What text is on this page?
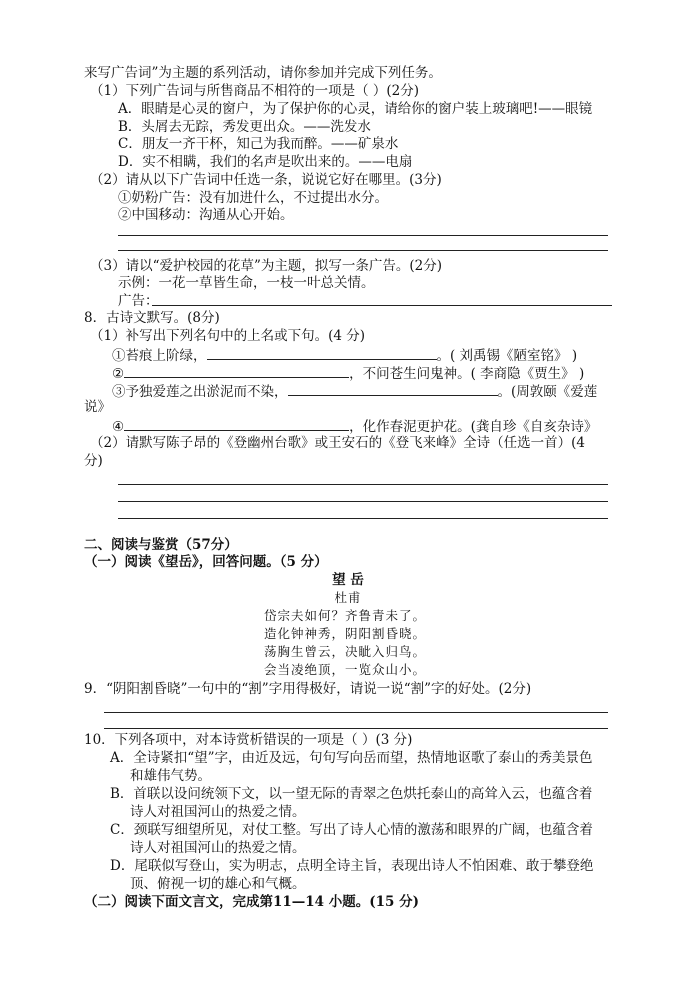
来写广告词”为主题的系列活动，请你参加并完成下列任务。
（1）下列广告词与所售商品不相符的一项是（ ）(2分)
A．眼睛是心灵的窗户，为了保护你的心灵，请给你的窗户装上玻璃吧!——眼镜
B．头屑去无踪，秀发更出众。——洗发水
C．朋友一齐干杯，知己为我而醉。——矿泉水
D．实不相瞒，我们的名声是吹出来的。——电扇
（2）请从以下广告词中任选一条，说说它好在哪里。(3分)
①奶粉广告：没有加进什么，不过提出水分。
②中国移动：沟通从心开始。
（3）请以“爱护校园的花草”为主题，拟写一条广告。(2分)
示例：一花一草皆生命，一枝一叶总关情。
广告：
8．古诗文默写。(8分)
（1）补写出下列名句中的上名或下句。(4 分)
①苔痕上阶绿，	。( 刘禹锡《陋室铭》 )
②	，不问苍生问鬼神。( 李商隐《贾生》 )
③予独爱莲之出淤泥而不染，	。(周敦颐《爱莲
说》
④	，化作春泥更护花。(龚自珍《自亥杂诗》
（2）请默写陈子昂的《登幽州台歌》或王安石的《登飞来峰》全诗（任选一首）(4
分)
二、阅读与鉴赏（57分）
（一）阅读《望岳》，回答问题。（5 分）
望 岳
杜甫
岱宗夫如何？齐鲁青未了。
造化钟神秀，阴阳割昏晓。
荡胸生曾云，决眦入归鸟。
会当凌绝顶，一览众山小。
9．“阴阳割昏晓”一句中的“割”字用得极好，请说一说“割”字的好处。(2分)
10．下列各项中，对本诗赏析错误的一项是（ ）(3 分)
A．全诗紧扣“望”字，由近及远，句句写向岳而望，热情地讴歌了泰山的秀美景色
和雄伟气势。
B．首联以设问统领下文，以一望无际的青翠之色烘托泰山的高耸入云，也蕴含着
诗人对祖国河山的热爱之情。
C．颈联写细望所见，对仗工整。写出了诗人心情的激荡和眼界的广阔，也蕴含着
诗人对祖国河山的热爱之情。
D．尾联似写登山，实为明志，点明全诗主旨，表现出诗人不怕困难、敢于攀登绝
顶、俯视一切的雄心和气概。
（二）阅读下面文言文，完成第11—14 小题。(15 分)
